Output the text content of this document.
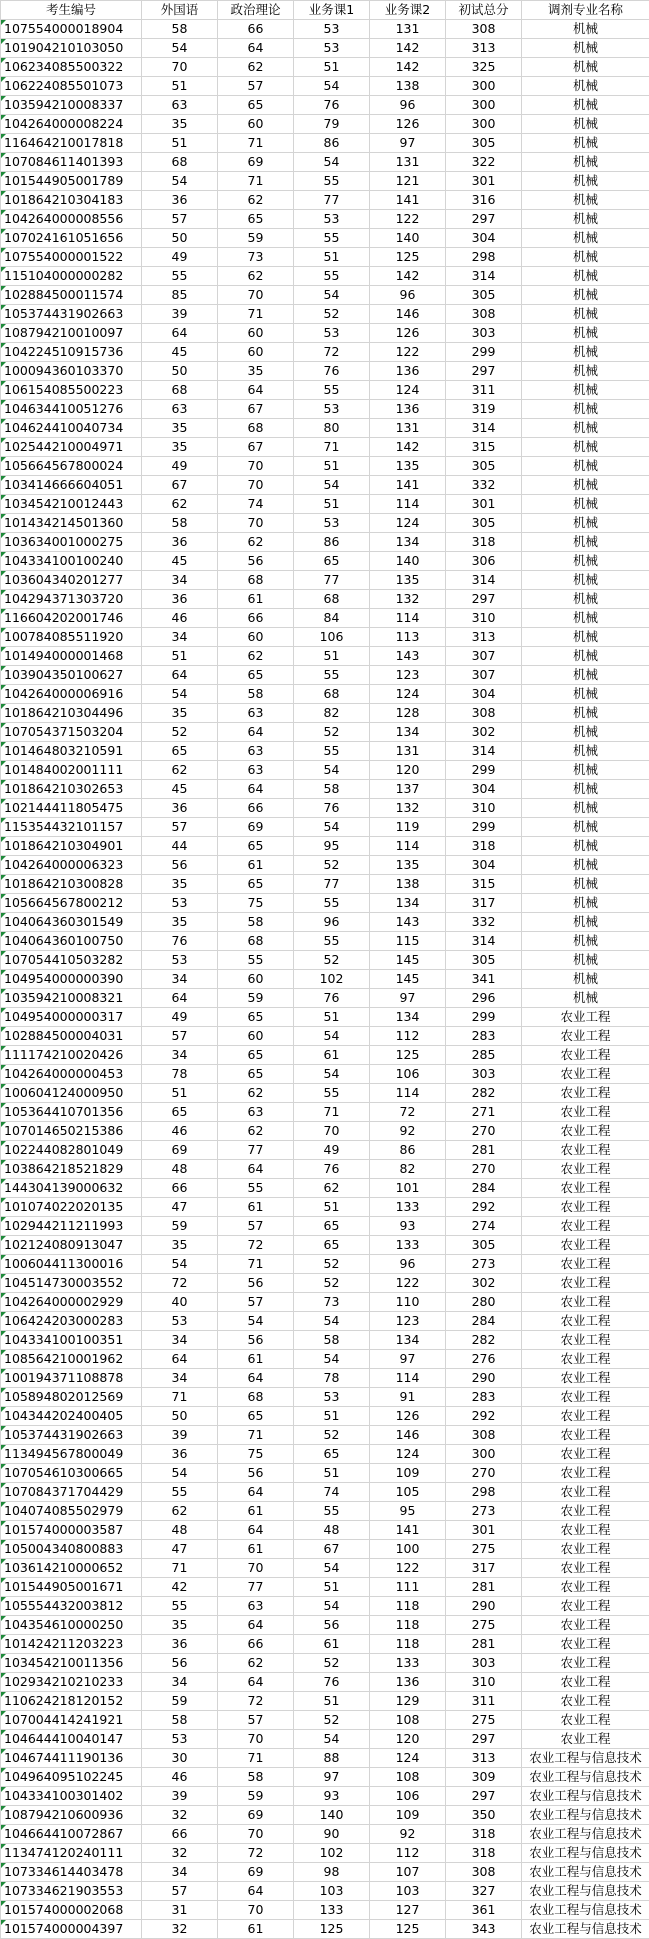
考生编号	外国语	政治理论	业务课1	业务课2	初试总分	调剂专业名称
107554000018904	58	66	53	131	308	机械
101904210103050	54	64	53	142	313	机械
106234085500322	70	62	51	142	325	机械
106224085501073	51	57	54	138	300	机械
103594210008337	63	65	76	96	300	机械
104264000008224	35	60	79	126	300	机械
116464210017818	51	71	86	97	305	机械
107084611401393	68	69	54	131	322	机械
101544905001789	54	71	55	121	301	机械
101864210304183	36	62	77	141	316	机械
104264000008556	57	65	53	122	297	机械
107024161051656	50	59	55	140	304	机械
107554000001522	49	73	51	125	298	机械
115104000000282	55	62	55	142	314	机械
102884500011574	85	70	54	96	305	机械
105374431902663	39	71	52	146	308	机械
108794210010097	64	60	53	126	303	机械
104224510915736	45	60	72	122	299	机械
100094360103370	50	35	76	136	297	机械
106154085500223	68	64	55	124	311	机械
104634410051276	63	67	53	136	319	机械
104624410040734	35	68	80	131	314	机械
102544210004971	35	67	71	142	315	机械
105664567800024	49	70	51	135	305	机械
103414666604051	67	70	54	141	332	机械
103454210012443	62	74	51	114	301	机械
101434214501360	58	70	53	124	305	机械
103634001000275	36	62	86	134	318	机械
104334100100240	45	56	65	140	306	机械
103604340201277	34	68	77	135	314	机械
104294371303720	36	61	68	132	297	机械
116604202001746	46	66	84	114	310	机械
100784085511920	34	60	106	113	313	机械
101494000001468	51	62	51	143	307	机械
103904350100627	64	65	55	123	307	机械
104264000006916	54	58	68	124	304	机械
101864210304496	35	63	82	128	308	机械
107054371503204	52	64	52	134	302	机械
101464803210591	65	63	55	131	314	机械
101484002001111	62	63	54	120	299	机械
101864210302653	45	64	58	137	304	机械
102144411805475	36	66	76	132	310	机械
115354432101157	57	69	54	119	299	机械
101864210304901	44	65	95	114	318	机械
104264000006323	56	61	52	135	304	机械
101864210300828	35	65	77	138	315	机械
105664567800212	53	75	55	134	317	机械
104064360301549	35	58	96	143	332	机械
104064360100750	76	68	55	115	314	机械
107054410503282	53	55	52	145	305	机械
104954000000390	34	60	102	145	341	机械
103594210008321	64	59	76	97	296	机械
104954000000317	49	65	51	134	299	农业工程
102884500004031	57	60	54	112	283	农业工程
111174210020426	34	65	61	125	285	农业工程
104264000000453	78	65	54	106	303	农业工程
100604124000950	51	62	55	114	282	农业工程
105364410701356	65	63	71	72	271	农业工程
107014650215386	46	62	70	92	270	农业工程
102244082801049	69	77	49	86	281	农业工程
103864218521829	48	64	76	82	270	农业工程
144304139000632	66	55	62	101	284	农业工程
101074022020135	47	61	51	133	292	农业工程
102944211211993	59	57	65	93	274	农业工程
102124080913047	35	72	65	133	305	农业工程
100604411300016	54	71	52	96	273	农业工程
104514730003552	72	56	52	122	302	农业工程
104264000002929	40	57	73	110	280	农业工程
106424203000283	53	54	54	123	284	农业工程
104334100100351	34	56	58	134	282	农业工程
108564210001962	64	61	54	97	276	农业工程
100194371108878	34	64	78	114	290	农业工程
105894802012569	71	68	53	91	283	农业工程
104344202400405	50	65	51	126	292	农业工程
105374431902663	39	71	52	146	308	农业工程
113494567800049	36	75	65	124	300	农业工程
107054610300665	54	56	51	109	270	农业工程
107084371704429	55	64	74	105	298	农业工程
104074085502979	62	61	55	95	273	农业工程
101574000003587	48	64	48	141	301	农业工程
105004340800883	47	61	67	100	275	农业工程
103614210000652	71	70	54	122	317	农业工程
101544905001671	42	77	51	111	281	农业工程
105554432003812	55	63	54	118	290	农业工程
104354610000250	35	64	56	118	275	农业工程
101424211203223	36	66	61	118	281	农业工程
103454210011356	56	62	52	133	303	农业工程
102934210210233	34	64	76	136	310	农业工程
110624218120152	59	72	51	129	311	农业工程
107004414241921	58	57	52	108	275	农业工程
104644410040147	53	70	54	120	297	农业工程
104674411190136	30	71	88	124	313	农业工程与信息技术
104964095102245	46	58	97	108	309	农业工程与信息技术
104334100301402	39	59	93	106	297	农业工程与信息技术
108794210600936	32	69	140	109	350	农业工程与信息技术
104664410072867	66	70	90	92	318	农业工程与信息技术
113474120240111	32	72	102	112	318	农业工程与信息技术
107334614403478	34	69	98	107	308	农业工程与信息技术
107334621903553	57	64	103	103	327	农业工程与信息技术
101574000002068	31	70	133	127	361	农业工程与信息技术
101574000004397	32	61	125	125	343	农业工程与信息技术
